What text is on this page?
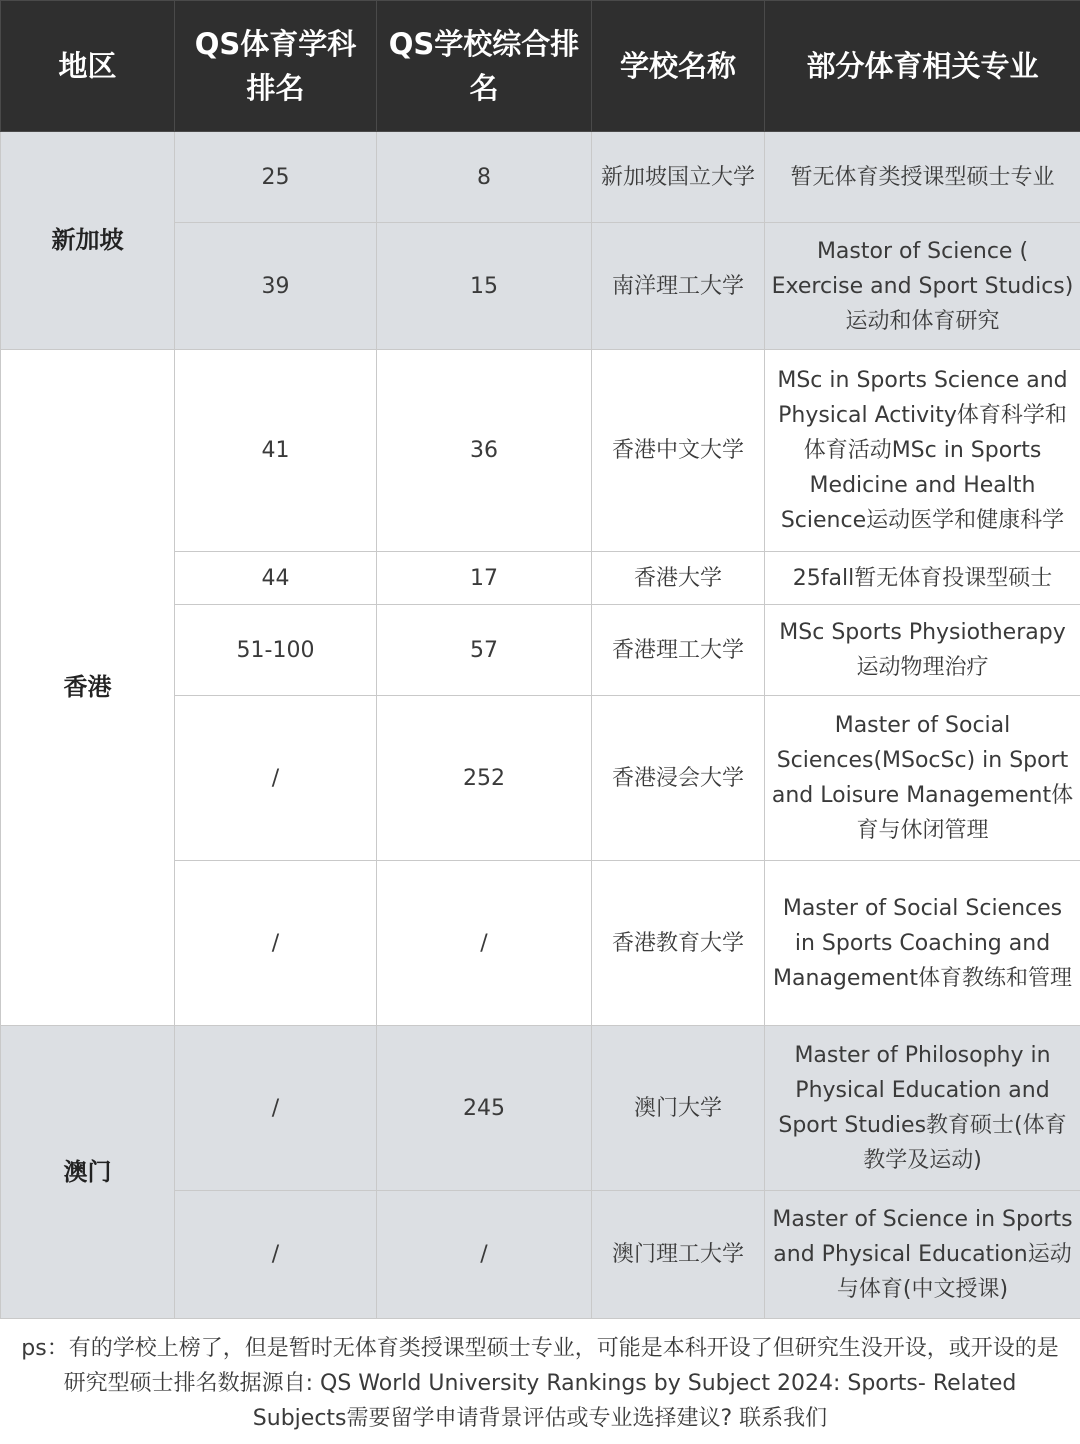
地区	QS体育学科排名	QS学校综合排名	学校名称	部分体育相关专业
新加坡	25	8	新加坡国立大学	暂无体育类授课型硕士专业
	39	15	南洋理工大学	Mastor of Science ( Exercise and Sport Studics)运动和体育研究
香港	41	36	香港中文大学	MSc in Sports Science and Physical Activity体育科学和体育活动MSc in Sports Medicine and Health Science运动医学和健康科学
	44	17	香港大学	25fall暂无体育投课型硕士
	51-100	57	香港理工大学	MSc Sports Physiotherapy运动物理治疗
	/	252	香港浸会大学	Master of Social Sciences(MSocSc) in Sport and Loisure Management体育与休闭管理
	/	/	香港教育大学	Master of Social Sciences in Sports Coaching and Management体育教练和管理
澳门	/	245	澳门大学	Master of Philosophy in Physical Education and Sport Studies教育硕士(体育教学及运动)
	/	/	澳门理工大学	Master of Science in Sports and Physical Education运动与体育(中文授课)
ps：有的学校上榜了，但是暂时无体育类授课型硕士专业，可能是本科开设了但研究生没开设，或开设的是研究型硕士排名数据源自: QS World University Rankings by Subject 2024: Sports- Related Subjects需要留学申请背景评估或专业选择建议? 联系我们
